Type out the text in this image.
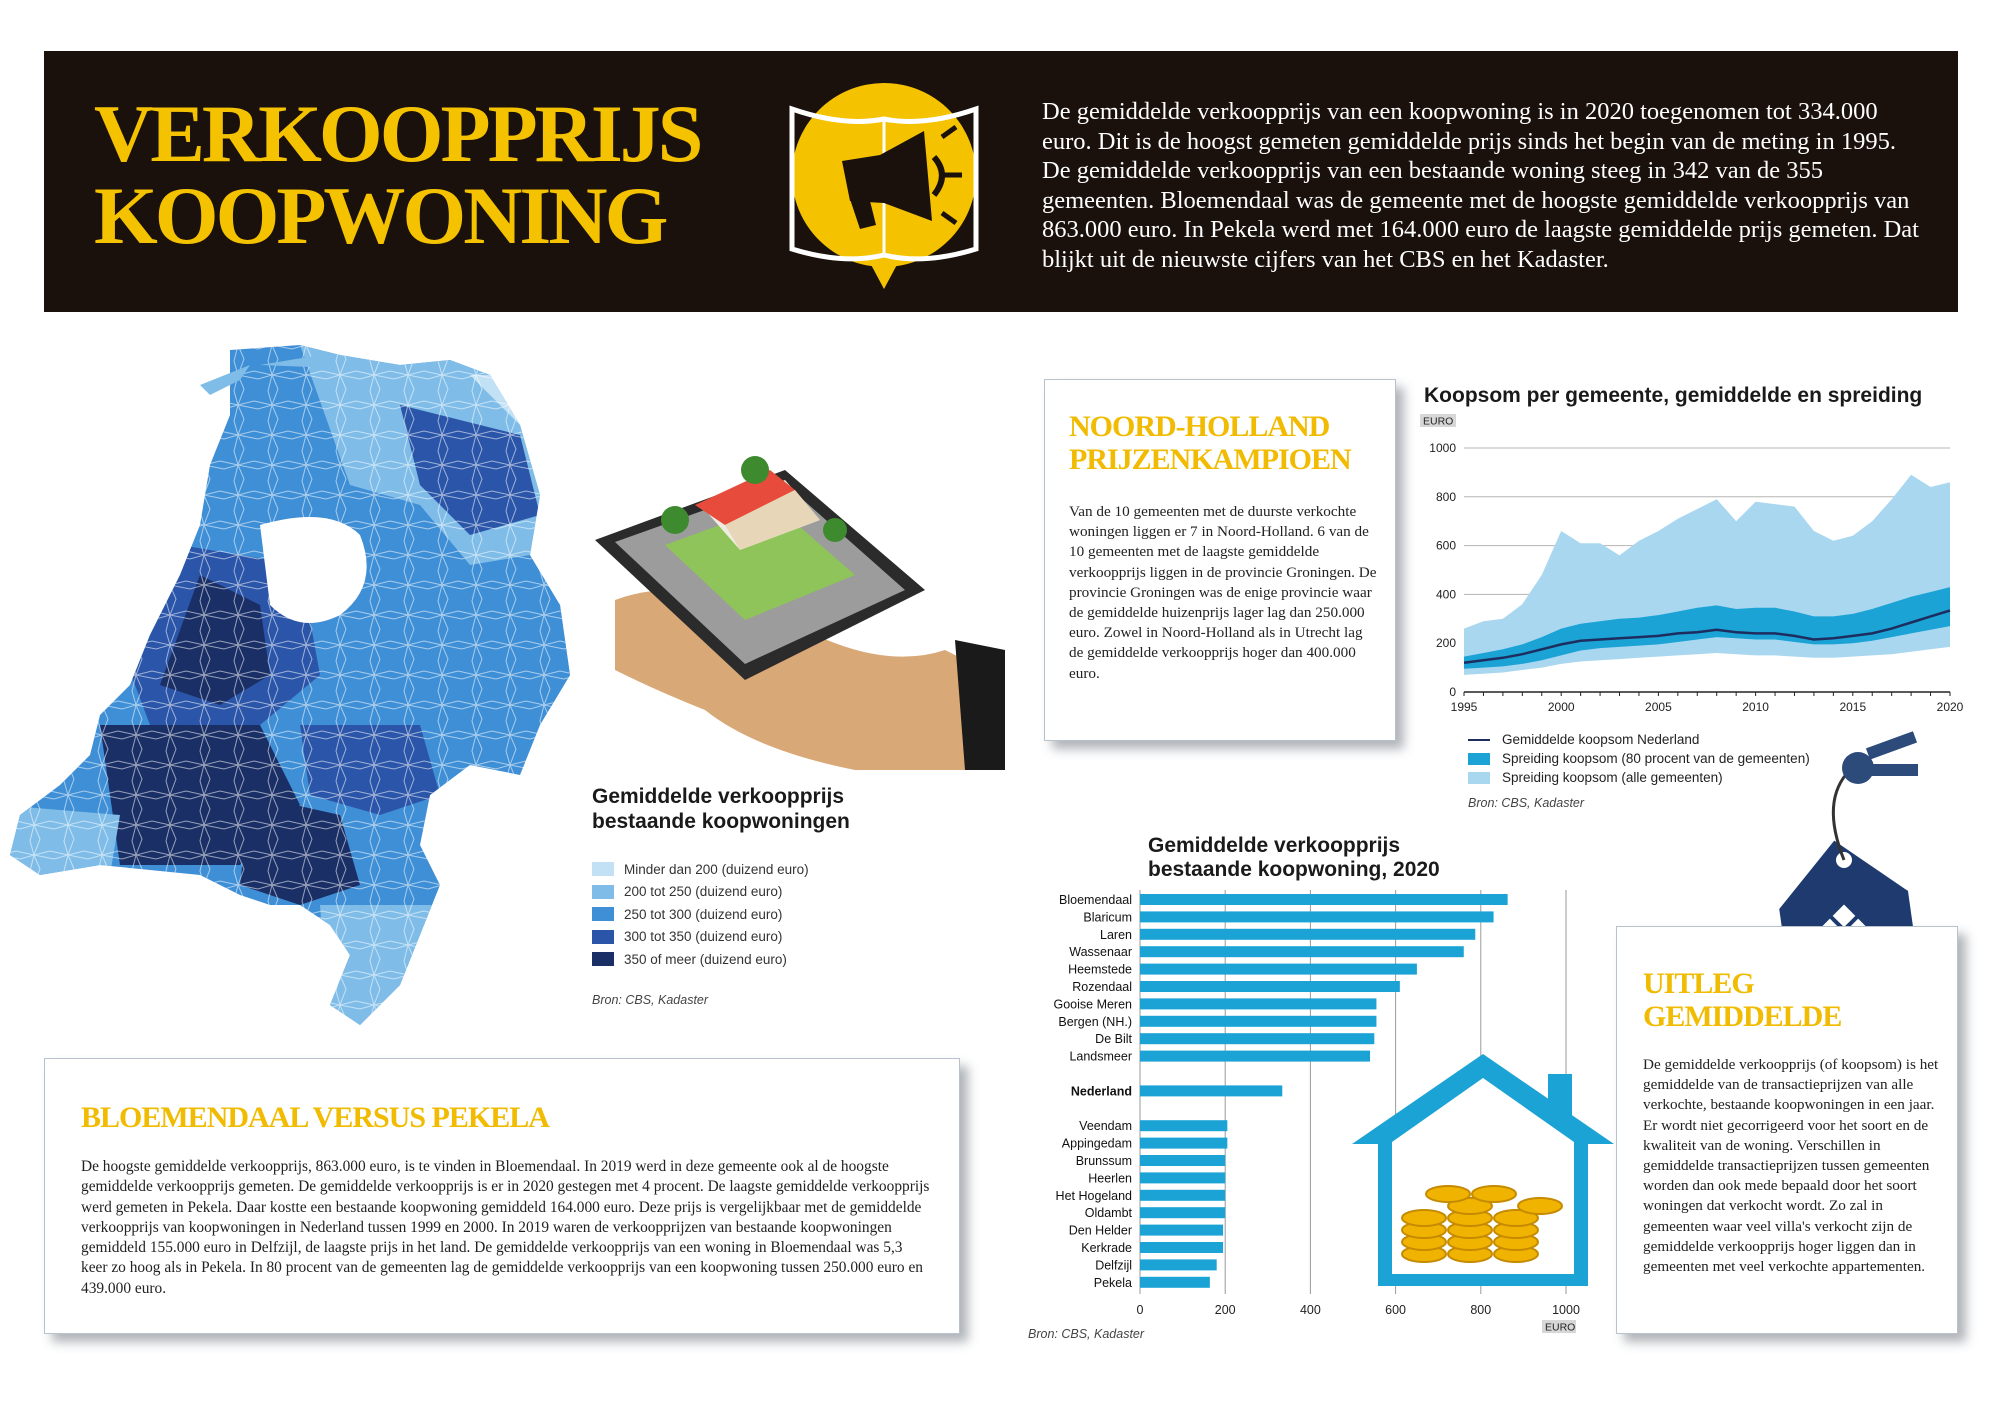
VERKOOPPRIJS
KOOPWONING
De gemiddelde verkoopprijs van een koopwoning is in 2020 toegenomen tot 334.000 euro. Dit is de hoogst gemeten gemiddelde prijs sinds het begin van de meting in 1995. De gemiddelde verkoopprijs van een bestaande woning steeg in 342 van de 355 gemeenten. Bloemendaal was de gemeente met de hoogste gemiddelde verkoopprijs van 863.000 euro. In Pekela werd met 164.000 euro de laagste gemiddelde prijs gemeten. Dat blijkt uit de nieuwste cijfers van het CBS en het Kadaster.
Gemiddelde verkoopprijs
bestaande koopwoningen
Minder dan 200 (duizend euro)
200 tot 250 (duizend euro)
250 tot 300 (duizend euro)
300 tot 350 (duizend euro)
350 of meer (duizend euro)
Bron: CBS, Kadaster
NOORD-HOLLAND
PRIJZENKAMPIOEN
Van de 10 gemeenten met de duurste verkochte woningen liggen er 7 in Noord-Holland. 6 van de 10 gemeenten met de laagste gemiddelde verkoopprijs liggen in de provincie Groningen. De provincie Groningen was de enige provincie waar de gemiddelde huizenprijs lager lag dan 250.000 euro. Zowel in Noord-Holland als in Utrecht lag de gemiddelde verkoopprijs hoger dan 400.000 euro.
Koopsom per gemeente, gemiddelde en spreiding
EURO
0
200
400
600
800
1000
1995	2000	2005	2010	2015	2020
Gemiddelde koopsom Nederland
Spreiding koopsom (80 procent van de gemeenten)
Spreiding koopsom (alle gemeenten)
Bron: CBS, Kadaster
Gemiddelde verkoopprijs
bestaande koopwoning, 2020
0	200	400	600	800	1000
EURO
Bloemendaal
Blaricum
Laren
Wassenaar
Heemstede
Rozendaal
Gooise Meren
Bergen (NH.)
De Bilt
Landsmeer
Nederland
Veendam
Appingedam
Brunssum
Heerlen
Het Hogeland
Oldambt
Den Helder
Kerkrade
Delfzijl
Pekela
Bron: CBS, Kadaster
BLOEMENDAAL VERSUS PEKELA
De hoogste gemiddelde verkoopprijs, 863.000 euro, is te vinden in Bloemendaal. In 2019 werd in deze gemeente ook al de hoogste gemiddelde verkoopprijs gemeten. De gemiddelde verkoopprijs is er in 2020 gestegen met 4 procent. De laagste gemiddelde verkoopprijs werd gemeten in Pekela. Daar kostte een bestaande koopwoning gemiddeld 164.000 euro. Deze prijs is vergelijkbaar met de gemiddelde verkoopprijs van koopwoningen in Nederland tussen 1999 en 2000. In 2019 waren de verkoopprijzen van bestaande koopwoningen gemiddeld 155.000 euro in Delfzijl, de laagste prijs in het land. De gemiddelde verkoopprijs van een woning in Bloemendaal was 5,3 keer zo hoog als in Pekela. In 80 procent van de gemeenten lag de gemiddelde verkoopprijs van een koopwoning tussen 250.000 euro en 439.000 euro.
UITLEG
GEMIDDELDE
De gemiddelde verkoopprijs (of koopsom) is het gemiddelde van de transactieprijzen van alle verkochte, bestaande koopwoningen in een jaar. Er wordt niet gecorrigeerd voor het soort en de kwaliteit van de woning. Verschillen in gemiddelde transactieprijzen tussen gemeenten worden dan ook mede bepaald door het soort woningen dat verkocht wordt. Zo zal in gemeenten waar veel villa's verkocht zijn de gemiddelde verkoopprijs hoger liggen dan in gemeenten met veel verkochte appartementen.
